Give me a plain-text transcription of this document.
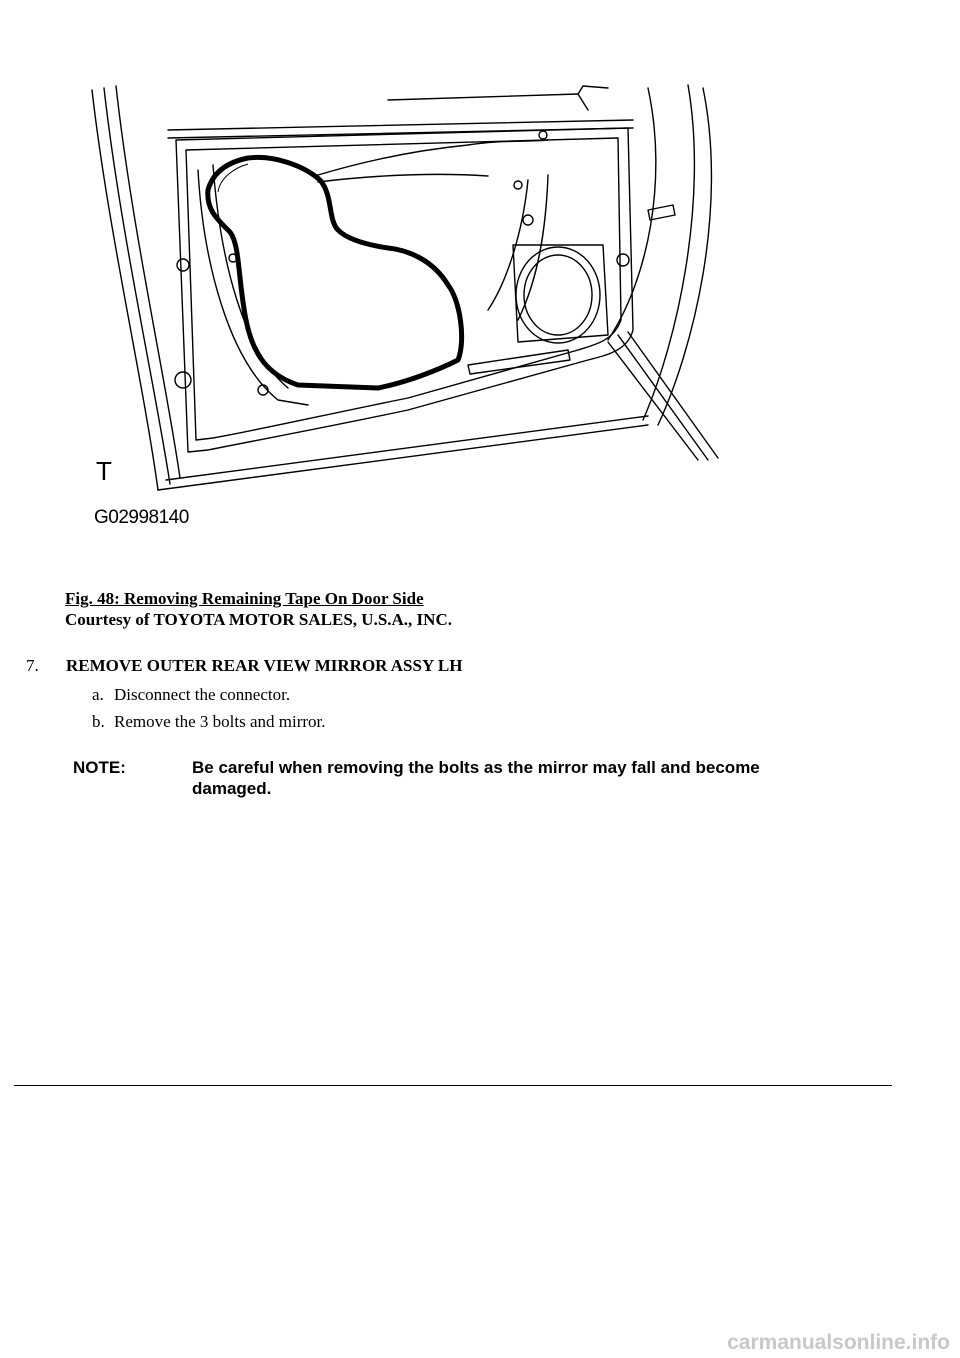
T
G02998140
Fig. 48: Removing Remaining Tape On Door Side
Courtesy of TOYOTA MOTOR SALES, U.S.A., INC.
7. REMOVE OUTER REAR VIEW MIRROR ASSY LH
a. Disconnect the connector.
b. Remove the 3 bolts and mirror.
NOTE:	Be careful when removing the bolts as the mirror may fall and become damaged.
carmanualsonline.info
